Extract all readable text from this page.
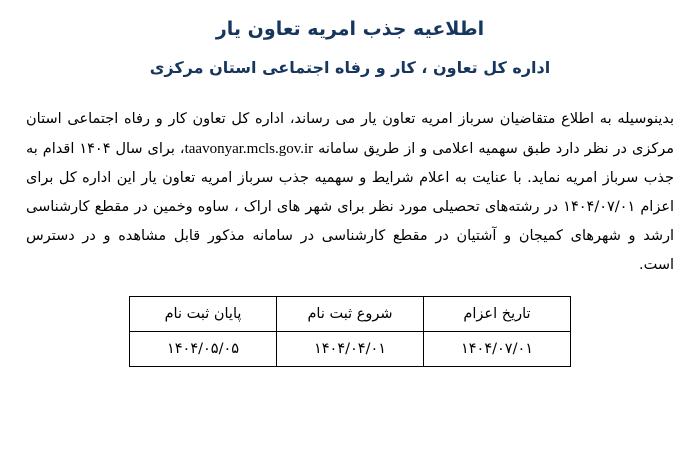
اطلاعیه جذب امریه تعاون یار
اداره کل تعاون ، کار و رفاه اجتماعی استان مرکزی
بدینوسیله به اطلاع متقاضیان سرباز امریه تعاون یار می رساند، اداره کل تعاون کار و رفاه اجتماعی استان مرکزی در نظر دارد طبق سهمیه اعلامی و از طریق سامانه taavonyar.mcls.gov.ir، برای سال ۱۴۰۴ اقدام به جذب سرباز امریه نماید. با عنایت به اعلام شرایط و سهمیه جذب سرباز امریه تعاون یار این اداره کل برای اعزام ۱۴۰۴/۰۷/۰۱ در رشته‌های تحصیلی مورد نظر برای شهر های اراک ، ساوه وخمین در مقطع کارشناسی ارشد و شهرهای کمیجان و آشتیان در مقطع کارشناسی در سامانه مذکور قابل مشاهده و در دسترس
است.
تاریخ اعزام	شروع ثبت نام	پایان ثبت نام
۱۴۰۴/۰۷/۰۱	۱۴۰۴/۰۴/۰۱	۱۴۰۴/۰۵/۰۵
